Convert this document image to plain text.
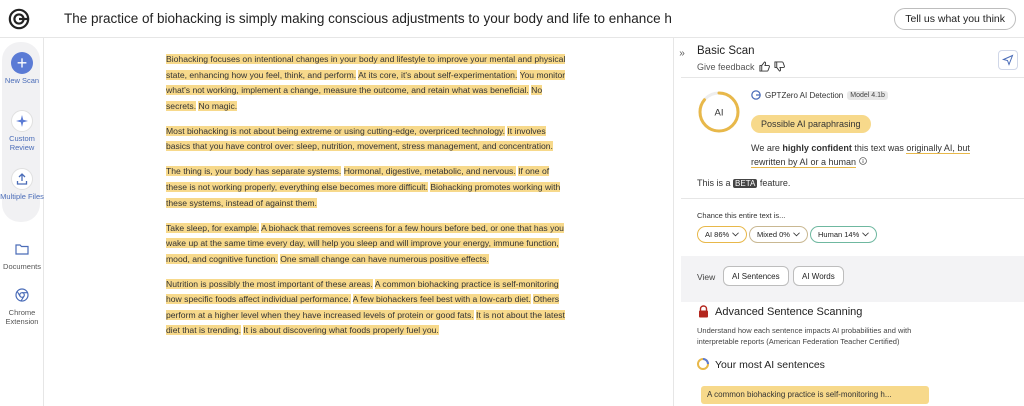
The practice of biohacking is simply making conscious adjustments to your body and life to enhance h	Tell us what you think
+
New Scan
Custom Review
Multiple Files
Documents
Chrome Extension
Biohacking focuses on intentional changes in your body and lifestyle to improve your mental and physical state, enhancing how you feel, think, and perform. At its core, it's about self-experimentation. You monitor what's not working, implement a change, measure the outcome, and retain what was beneficial. No secrets. No magic.
Most biohacking is not about being extreme or using cutting-edge, overpriced technology. It involves basics that you have control over: sleep, nutrition, movement, stress management, and concentration.
The thing is, your body has separate systems. Hormonal, digestive, metabolic, and nervous. If one of these is not working properly, everything else becomes more difficult. Biohacking promotes working with these systems, instead of against them.
Take sleep, for example. A biohack that removes screens for a few hours before bed, or one that has you wake up at the same time every day, will help you sleep and will improve your energy, immune function, mood, and cognitive function. One small change can have numerous positive effects.
Nutrition is possibly the most important of these areas. A common biohacking practice is self-monitoring how specific foods affect individual performance. A few biohackers feel best with a low-carb diet. Others perform at a higher level when they have increased levels of protein or good fats. It is not about the latest diet that is trending. It is about discovering what foods properly fuel you.
» Basic Scan
Give feedback
AI
GPTZero AI Detection	Model 4.1b
Possible AI paraphrasing
We are highly confident this text was originally AI, but rewritten by AI or a human
This is a BETA feature.
Chance this entire text is...
AI 86%	Mixed 0%	Human 14%
View	AI Sentences	AI Words
Advanced Sentence Scanning
Understand how each sentence impacts AI probabilities and with interpretable reports (American Federation Teacher Certified)
Your most AI sentences
A common biohacking practice is self-monitoring h...
